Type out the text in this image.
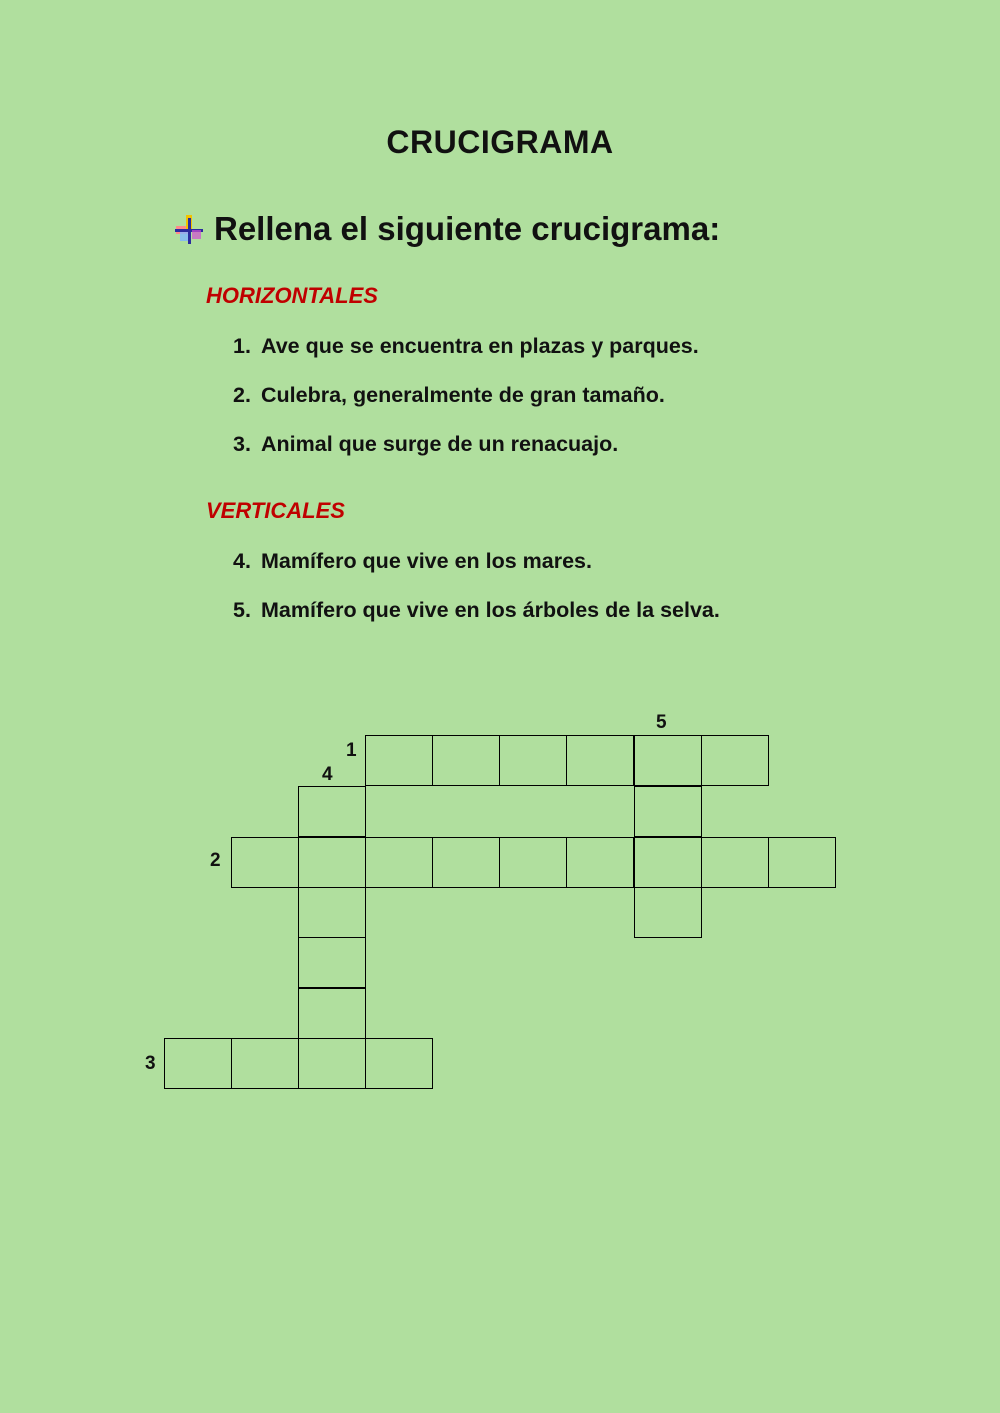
CRUCIGRAMA
Rellena el siguiente crucigrama:
HORIZONTALES
1. Ave que se encuentra en plazas y parques.
2. Culebra, generalmente de gran tamaño.
3. Animal que surge de un renacuajo.
VERTICALES
4. Mamífero que vive en los mares.
5. Mamífero que vive en los árboles de la selva.
1
2
3
4
5
